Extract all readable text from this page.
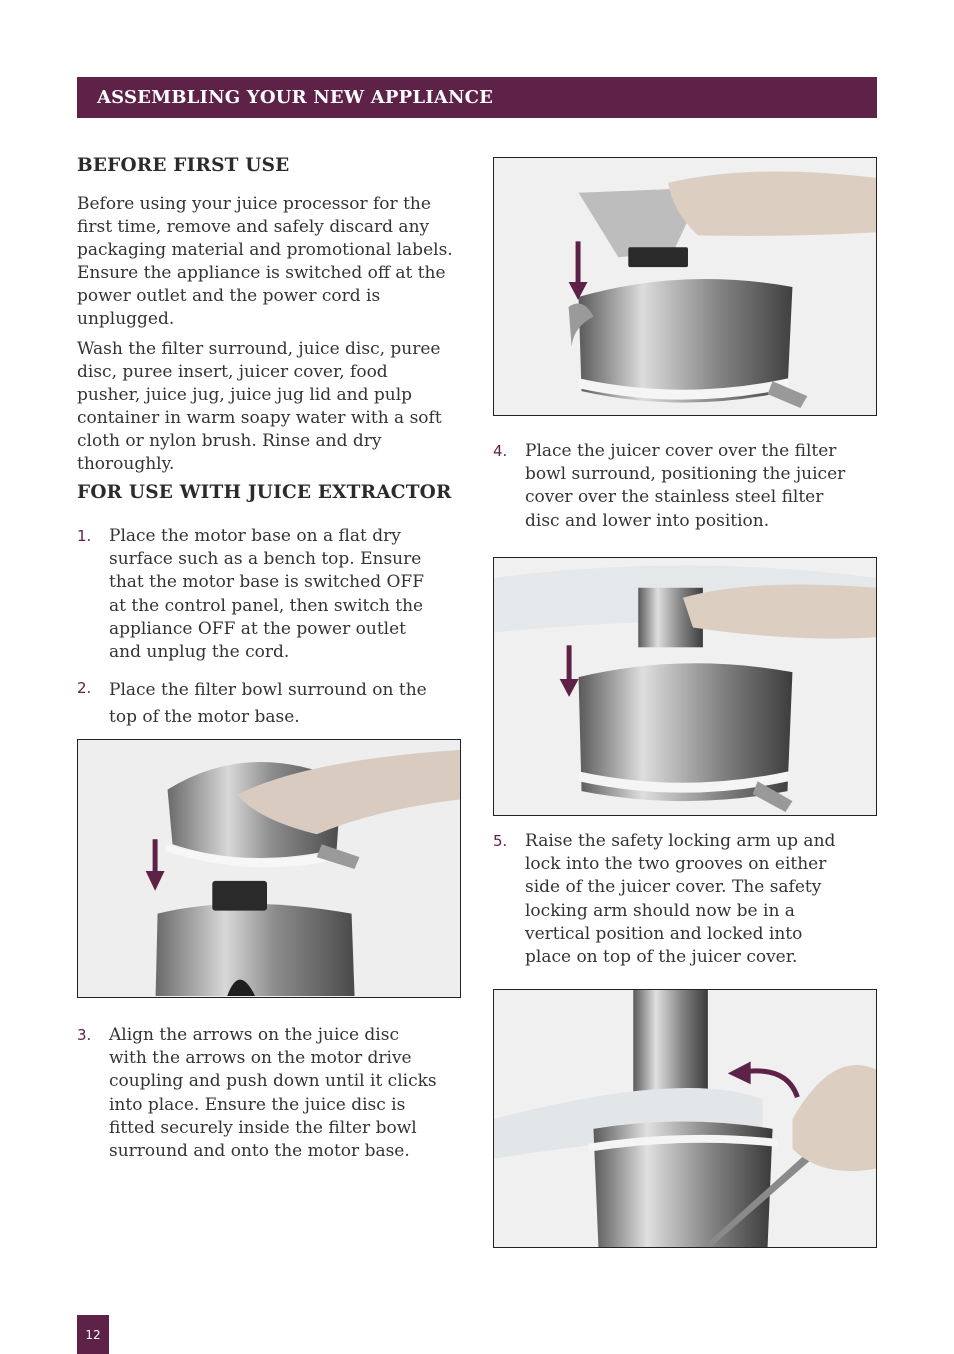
ASSEMBLING YOUR NEW APPLIANCE
BEFORE FIRST USE

Before using your juice processor for the first time, remove and safely discard any packaging material and promotional labels. Ensure the appliance is switched off at the power outlet and the power cord is unplugged.

Wash the filter surround, juice disc, puree disc, puree insert, juicer cover, food pusher, juice jug, juice jug lid and pulp container in warm soapy water with a soft cloth or nylon brush. Rinse and dry thoroughly.

FOR USE WITH JUICE EXTRACTOR
1. Place the motor base on a flat dry surface such as a bench top. Ensure that the motor base is switched OFF at the control panel, then switch the appliance OFF at the power outlet and unplug the cord.
2. Place the filter bowl surround on the top of the motor base.
3. Align the arrows on the juice disc with the arrows on the motor drive coupling and push down until it clicks into place. Ensure the juice disc is fitted securely inside the filter bowl surround and onto the motor base.
4. Place the juicer cover over the filter bowl surround, positioning the juicer cover over the stainless steel filter disc and lower into position.
5. Raise the safety locking arm up and lock into the two grooves on either side of the juicer cover. The safety locking arm should now be in a vertical position and locked into place on top of the juicer cover.
12
